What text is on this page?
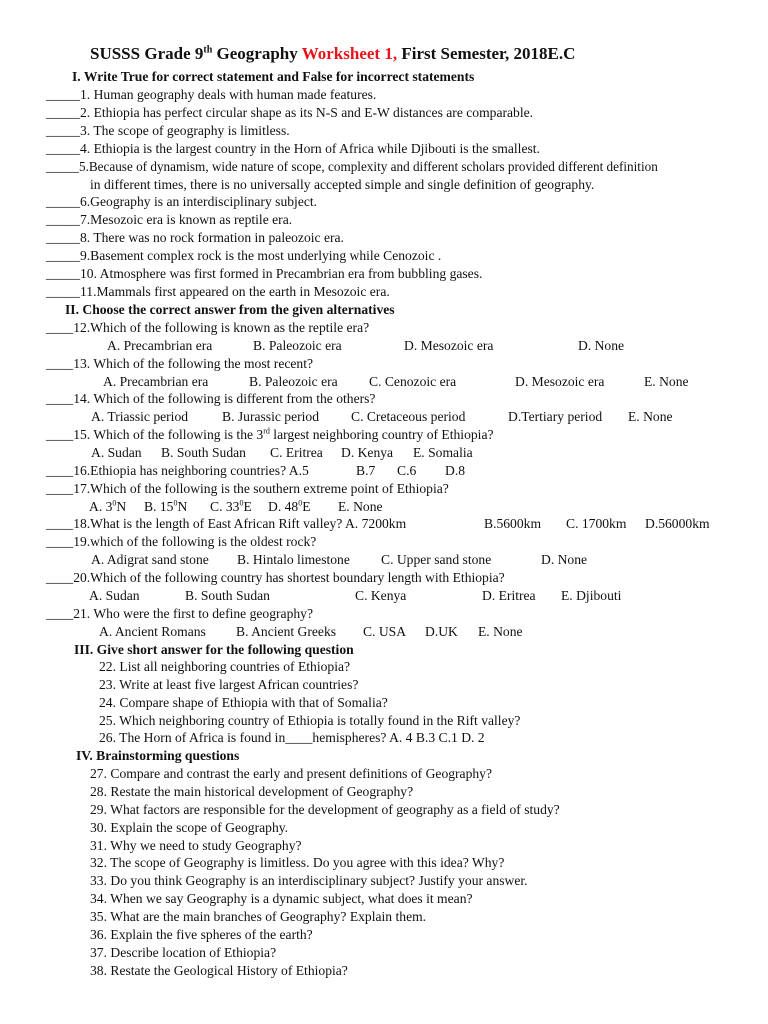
SUSSS Grade 9th Geography Worksheet 1, First Semester, 2018E.C
I. Write True for correct statement and False for incorrect statements
_____1. Human geography deals with human made features.
_____2. Ethiopia has perfect circular shape as its N-S and E-W distances are comparable.
_____3. The scope of geography is limitless.
_____4. Ethiopia is the largest country in the Horn of Africa while Djibouti is the smallest.
_____5.Because of dynamism, wide nature of scope, complexity and different scholars provided different definition
in different times, there is no universally accepted simple and single definition of geography.
_____6.Geography is an interdisciplinary subject.
_____7.Mesozoic era is known as reptile era.
_____8. There was no rock formation in paleozoic era.
_____9.Basement complex rock is the most underlying while Cenozoic .
_____10. Atmosphere was first formed in Precambrian era from bubbling gases.
_____11.Mammals first appeared on the earth in Mesozoic era.
II. Choose the correct answer from the given alternatives
____12.Which of the following is known as the reptile era?
A. Precambrian era	B. Paleozoic era	D. Mesozoic era	D. None
____13. Which of the following the most recent?
A. Precambrian era	B. Paleozoic era C. Cenozoic era	D. Mesozoic era	E. None
____14. Which of the following is different from the others?
A. Triassic period B. Jurassic period C. Cretaceous period	D.Tertiary period E. None
____15. Which of the following is the 3rd largest neighboring country of Ethiopia?
A. Sudan B. South Sudan C. Eritrea D. Kenya E. Somalia
____16.Ethiopia has neighboring countries? A.5	B.7 C.6 D.8
____17.Which of the following is the southern extreme point of Ethiopia?
A. $3^0N$ B. $15^0N$ C. $33^0E$ D. $48^0E$ E. None
____18.What is the length of East African Rift valley? A. 7200km	B.5600km C. 1700km D.56000km
____19.which of the following is the oldest rock?
A. Adigrat sand stone B. Hintalo limestone C. Upper sand stone	D. None
____20.Which of the following country has shortest boundary length with Ethiopia?
A. Sudan	B. South Sudan	C. Kenya	D. Eritrea E. Djibouti
____21. Who were the first to define geography?
A. Ancient Romans B. Ancient Greeks C. USA D.UK E. None
III. Give short answer for the following question
22. List all neighboring countries of Ethiopia?
23. Write at least five largest African countries?
24. Compare shape of Ethiopia with that of Somalia?
25. Which neighboring country of Ethiopia is totally found in the Rift valley?
26. The Horn of Africa is found in____hemispheres? A. 4 B.3 C.1 D. 2
IV. Brainstorming questions
27. Compare and contrast the early and present definitions of Geography?
28. Restate the main historical development of Geography?
29. What factors are responsible for the development of geography as a field of study?
30. Explain the scope of Geography.
31. Why we need to study Geography?
32. The scope of Geography is limitless. Do you agree with this idea? Why?
33. Do you think Geography is an interdisciplinary subject? Justify your answer.
34. When we say Geography is a dynamic subject, what does it mean?
35. What are the main branches of Geography? Explain them.
36. Explain the five spheres of the earth?
37. Describe location of Ethiopia?
38. Restate the Geological History of Ethiopia?
